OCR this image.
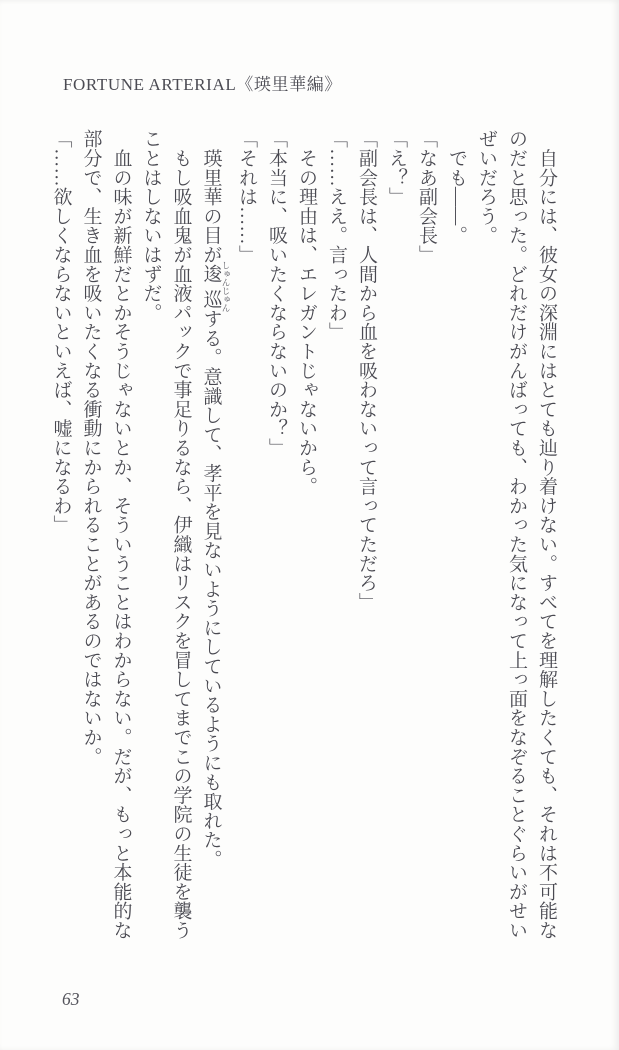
FORTUNE ARTERIAL《瑛里華編》

　自分には、彼女の深淵にはとても辿り着けない。すべてを理解したくても、それは不可能なのだと思った。どれだけがんばっても、わかった気になって上っ面をなぞることぐらいがせいぜいだろう。

　でも――。

「なあ副会長」

「え？」

「副会長は、人間から血を吸わないって言ってただろ」

「……ええ。言ったわ」

　その理由は、エレガントじゃないから。

「本当に、吸いたくならないのか？」

「それは……」

　瑛里華の目が逡巡 しゅんじゅんする。意識して、孝平を見ないようにしているようにも取れた。

　もし吸血鬼が血液パックで事足りるなら、伊織はリスクを冒してまでこの学院の生徒を襲うことはしないはずだ。

　血の味が新鮮だとかそうじゃないとか、そういうことはわからない。だが、もっと本能的な部分で、生き血を吸いたくなる衝動にかられることがあるのではないか。

「……欲しくならないといえば、嘘になるわ」

63
